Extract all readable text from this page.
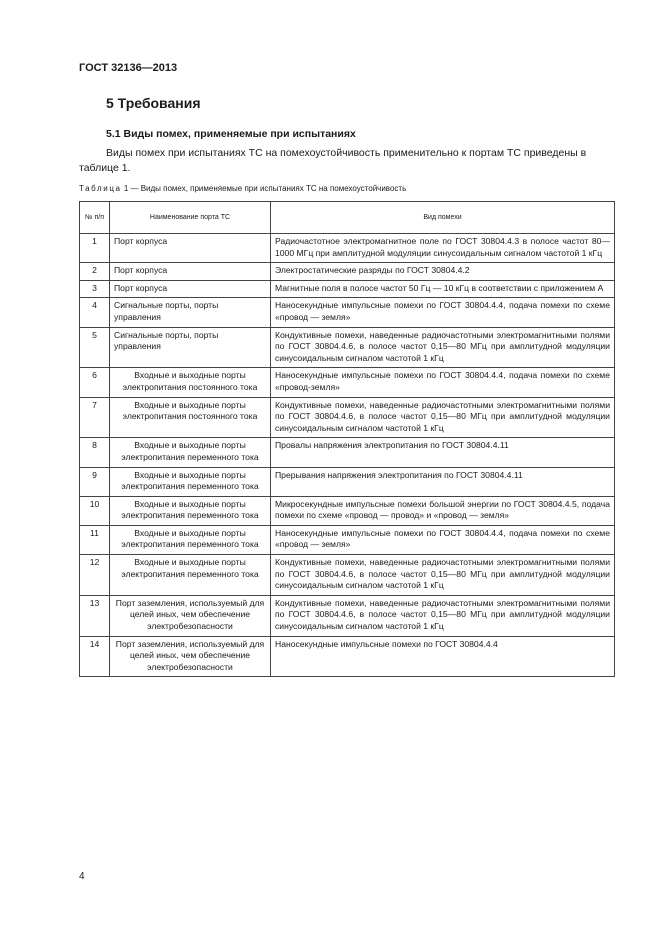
ГОСТ 32136—2013
5 Требования
5.1 Виды помех, применяемые при испытаниях
Виды помех при испытаниях ТС на помехоустойчивость применительно к портам ТС приведены в таблице 1.
Таблица 1 — Виды помех, применяемые при испытаниях ТС на помехоустойчивость
№ п/п	Наименование порта ТС	Вид помехи
1	Порт корпуса	Радиочастотное электромагнитное поле по ГОСТ 30804.4.3 в полосе частот 80—1000 МГц при амплитудной модуляции синусоидальным сигналом частотой 1 кГц
2	Порт корпуса	Электростатические разряды по ГОСТ 30804.4.2
3	Порт корпуса	Магнитные поля в полосе частот 50 Гц — 10 кГц в соответствии с приложением А
4	Сигнальные порты, порты управления	Наносекундные импульсные помехи по ГОСТ 30804.4.4, подача помехи по схеме «провод — земля»
5	Сигнальные порты, порты управления	Кондуктивные помехи, наведенные радиочастотными электромагнитными полями по ГОСТ 30804.4.6, в полосе частот 0,15—80 МГц при амплитудной модуляции синусоидальным сигналом частотой 1 кГц
6	Входные и выходные порты электропитания постоянного тока	Наносекундные импульсные помехи по ГОСТ 30804.4.4, подача помехи по схеме «провод-земля»
7	Входные и выходные порты электропитания постоянного тока	Кондуктивные помехи, наведенные радиочастотными электромагнитными полями по ГОСТ 30804.4.6, в полосе частот 0,15—80 МГц при амплитудной модуляции синусоидальным сигналом частотой 1 кГц
8	Входные и выходные порты электропитания переменного тока	Провалы напряжения электропитания по ГОСТ 30804.4.11
9	Входные и выходные порты электропитания переменного тока	Прерывания напряжения электропитания по ГОСТ 30804.4.11
10	Входные и выходные порты электропитания переменного тока	Микросекундные импульсные помехи большой энергии по ГОСТ 30804.4.5, подача помехи по схеме «провод — провод» и «провод — земля»
11	Входные и выходные порты электропитания переменного тока	Наносекундные импульсные помехи по ГОСТ 30804.4.4, подача помехи по схеме «провод — земля»
12	Входные и выходные порты электропитания переменного тока	Кондуктивные помехи, наведенные радиочастотными электромагнитными полями по ГОСТ 30804.4.6, в полосе частот 0,15—80 МГц при амплитудной модуляции синусоидальным сигналом частотой 1 кГц
13	Порт заземления, используемый для целей иных, чем обеспечение электробезопасности	Кондуктивные помехи, наведенные радиочастотными электромагнитными полями по ГОСТ 30804.4.6, в полосе частот 0,15—80 МГц при амплитудной модуляции синусоидальным сигналом частотой 1 кГц
14	Порт заземления, используемый для целей иных, чем обеспечение электробезопасности	Наносекундные импульсные помехи по ГОСТ 30804.4.4
4
